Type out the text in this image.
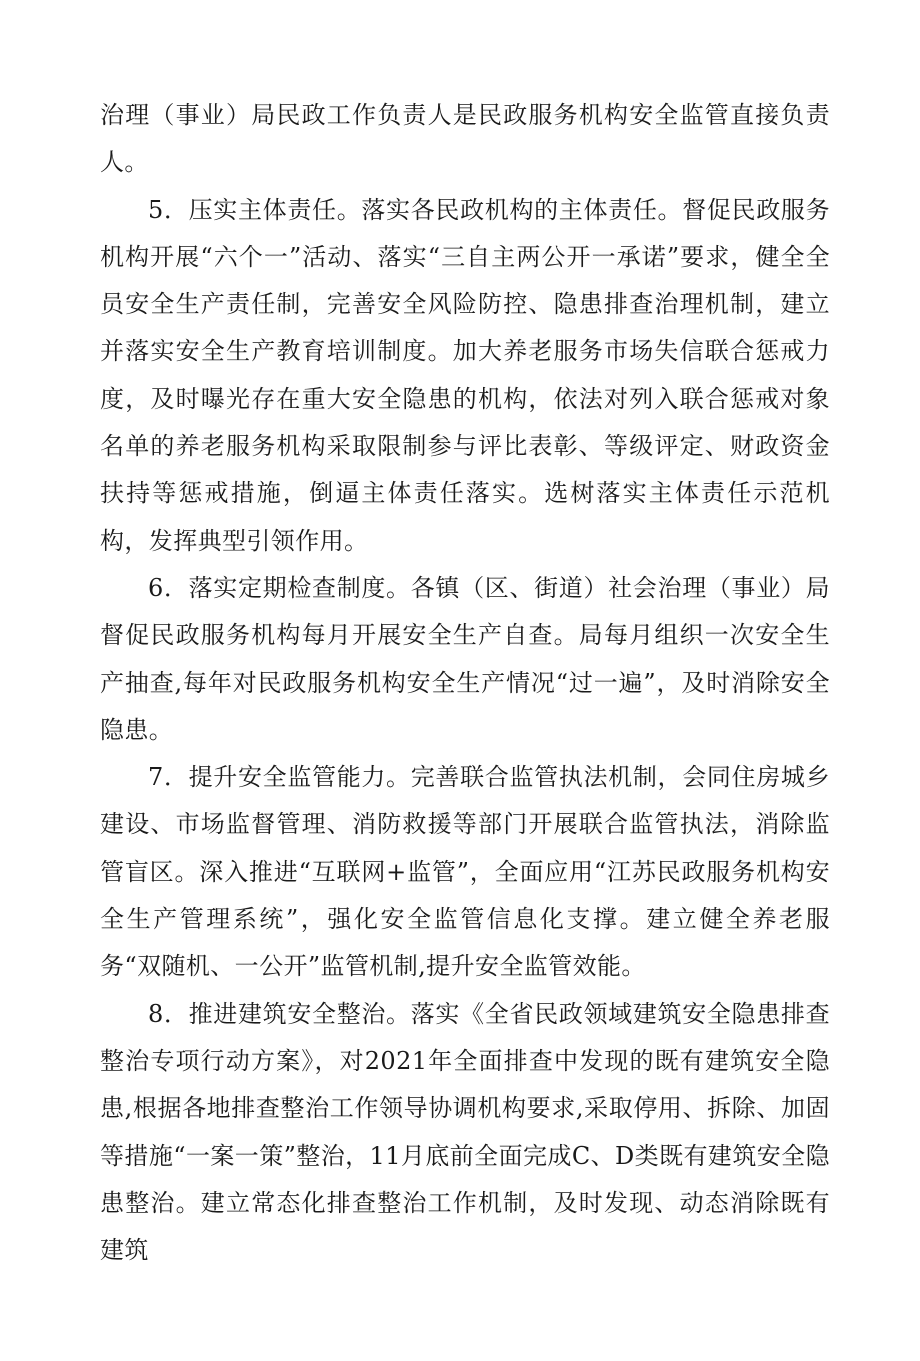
治理（事业）局民政工作负责人是民政服务机构安全监管直接负责人。

5．压实主体责任。落实各民政机构的主体责任。督促民政服务机构开展“六个一”活动、落实“三自主两公开一承诺”要求，健全全员安全生产责任制，完善安全风险防控、隐患排查治理机制，建立并落实安全生产教育培训制度。加大养老服务市场失信联合惩戒力度，及时曝光存在重大安全隐患的机构，依法对列入联合惩戒对象名单的养老服务机构采取限制参与评比表彰、等级评定、财政资金扶持等惩戒措施，倒逼主体责任落实。选树落实主体责任示范机构，发挥典型引领作用。

6．落实定期检查制度。各镇（区、街道）社会治理（事业）局督促民政服务机构每月开展安全生产自查。局每月组织一次安全生产抽查,每年对民政服务机构安全生产情况“过一遍”，及时消除安全隐患。

7．提升安全监管能力。完善联合监管执法机制，会同住房城乡建设、市场监督管理、消防救援等部门开展联合监管执法，消除监管盲区。深入推进“互联网+监管”，全面应用“江苏民政服务机构安全生产管理系统”，强化安全监管信息化支撑。建立健全养老服务“双随机、一公开”监管机制,提升安全监管效能。

8．推进建筑安全整治。落实《全省民政领域建筑安全隐患排查整治专项行动方案》，对2021年全面排查中发现的既有建筑安全隐患,根据各地排查整治工作领导协调机构要求,采取停用、拆除、加固等措施“一案一策”整治，11月底前全面完成C、D类既有建筑安全隐患整治。建立常态化排查整治工作机制，及时发现、动态消除既有建筑
